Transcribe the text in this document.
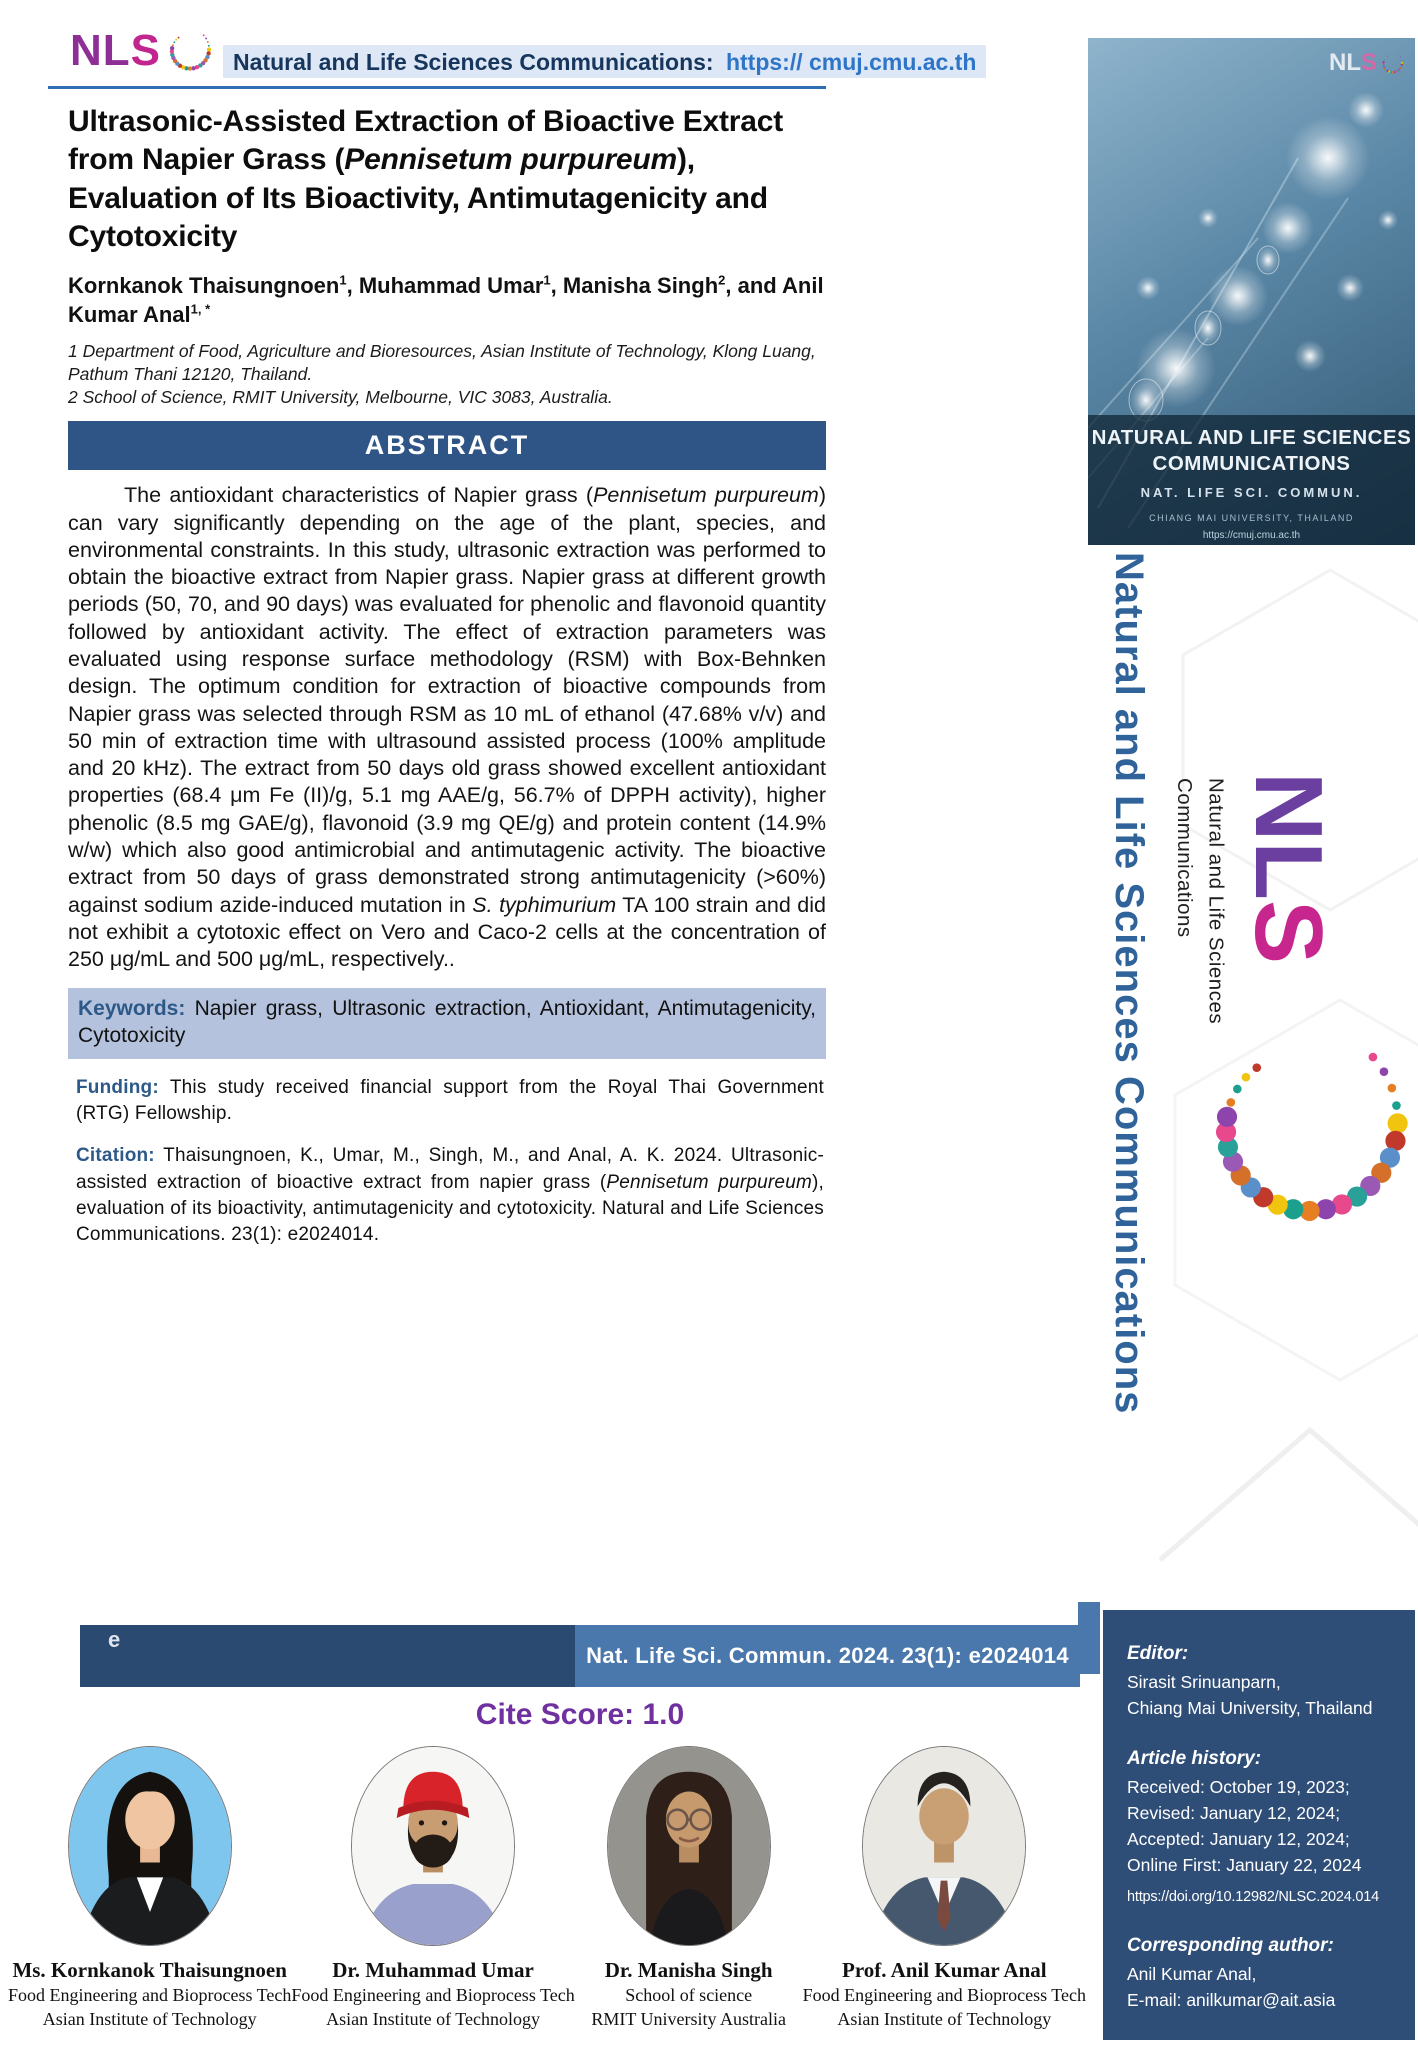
NLS	Natural and Life Sciences Communications: https:// cmuj.cmu.ac.th
Ultrasonic-Assisted Extraction of Bioactive Extract from Napier Grass (Pennisetum purpureum), Evaluation of Its Bioactivity, Antimutagenicity and Cytotoxicity
Kornkanok Thaisungnoen$^1$, Muhammad Umar$^1$, Manisha Singh$^2$, and Anil Kumar Anal$^{1, *}$
1 Department of Food, Agriculture and Bioresources, Asian Institute of Technology, Klong Luang, Pathum Thani 12120, Thailand.
2 School of Science, RMIT University, Melbourne, VIC 3083, Australia.
ABSTRACT
The antioxidant characteristics of Napier grass (Pennisetum purpureum) can vary significantly depending on the age of the plant, species, and environmental constraints. In this study, ultrasonic extraction was performed to obtain the bioactive extract from Napier grass. Napier grass at different growth periods (50, 70, and 90 days) was evaluated for phenolic and flavonoid quantity followed by antioxidant activity. The effect of extraction parameters was evaluated using response surface methodology (RSM) with Box-Behnken design. The optimum condition for extraction of bioactive compounds from Napier grass was selected through RSM as 10 mL of ethanol (47.68% v/v) and 50 min of extraction time with ultrasound assisted process (100% amplitude and 20 kHz). The extract from 50 days old grass showed excellent antioxidant properties (68.4 μm Fe (II)/g, 5.1 mg AAE/g, 56.7% of DPPH activity), higher phenolic (8.5 mg GAE/g), flavonoid (3.9 mg QE/g) and protein content (14.9% w/w) which also good antimicrobial and antimutagenic activity. The bioactive extract from 50 days of grass demonstrated strong antimutagenicity (>60%) against sodium azide-induced mutation in S. typhimurium TA 100 strain and did not exhibit a cytotoxic effect on Vero and Caco-2 cells at the concentration of 250 μg/mL and 500 μg/mL, respectively..
Keywords: Napier grass, Ultrasonic extraction, Antioxidant, Antimutagenicity, Cytotoxicity
Funding: This study received financial support from the Royal Thai Government (RTG) Fellowship.
Citation: Thaisungnoen, K., Umar, M., Singh, M., and Anal, A. K. 2024. Ultrasonic-assisted extraction of bioactive extract from napier grass (Pennisetum purpureum), evaluation of its bioactivity, antimutagenicity and cytotoxicity. Natural and Life Sciences Communications. 23(1): e2024014.
e
Nat. Life Sci. Commun. 2024. 23(1): e2024014
Cite Score: 1.0
Ms. Kornkanok Thaisungnoen
Food Engineering and Bioprocess Tech
Asian Institute of Technology
Dr. Muhammad Umar
Food Engineering and Bioprocess Tech
Asian Institute of Technology
Dr. Manisha Singh
School of science
RMIT University Australia
Prof. Anil Kumar Anal
Food Engineering and Bioprocess Tech
Asian Institute of Technology
NLS
NATURAL AND LIFE SCIENCES
COMMUNICATIONS
NAT. LIFE SCI. COMMUN.
CHIANG MAI UNIVERSITY, THAILAND
https://cmuj.cmu.ac.th
Natural and Life Sciences Communications	Natural and Life Sciences
Communications NLS
Editor:
Sirasit Srinuanparn,
Chiang Mai University, Thailand
Article history:
Received: October 19, 2023;
Revised: January 12, 2024;
Accepted: January 12, 2024;
Online First: January 22, 2024
https://doi.org/10.12982/NLSC.2024.014
Corresponding author:
Anil Kumar Anal,
E-mail: anilkumar@ait.asia
